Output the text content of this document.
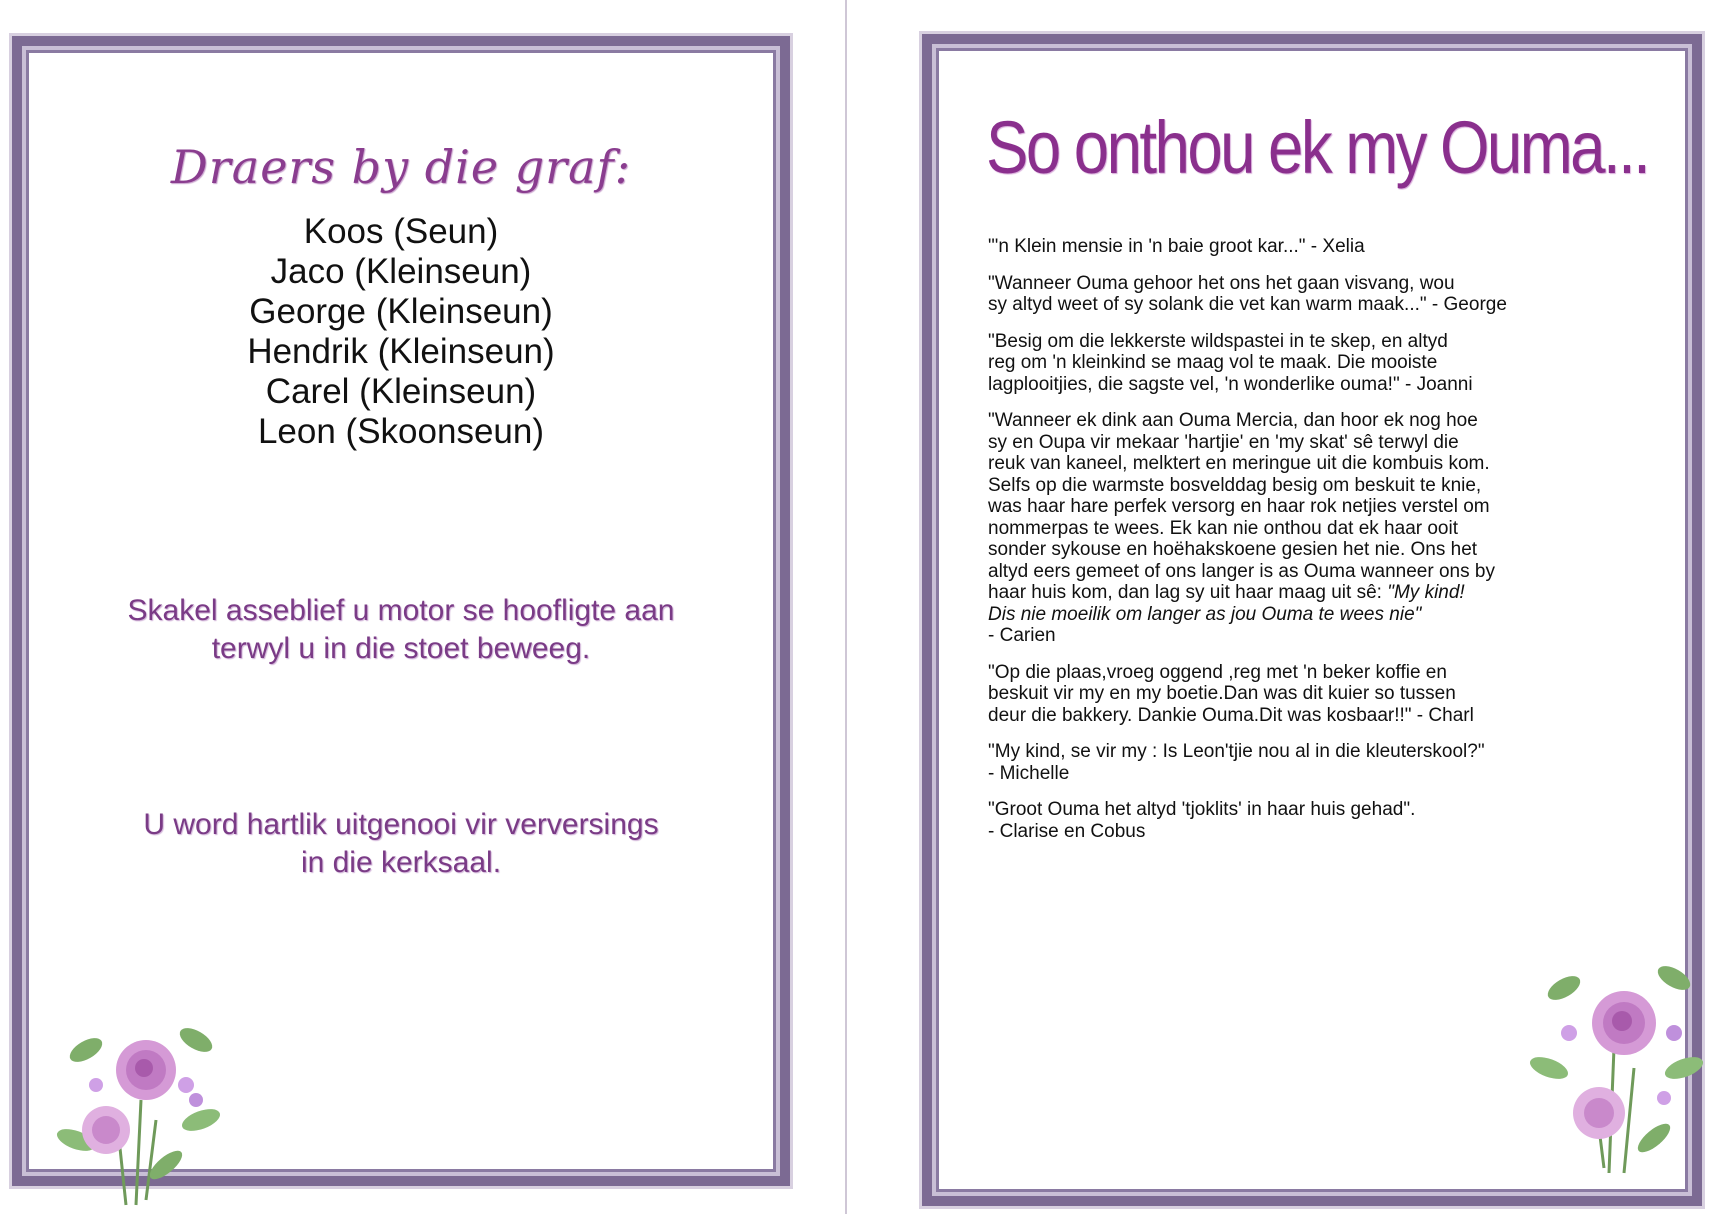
Draers by die graf:
Koos (Seun)
Jaco (Kleinseun)
George (Kleinseun)
Hendrik (Kleinseun)
Carel (Kleinseun)
Leon (Skoonseun)
Skakel asseblief u motor se hoofligte aan
terwyl u in die stoet beweeg.
U word hartlik uitgenooi vir verversings
in die kerksaal.
So onthou ek my Ouma...
"'n Klein mensie in 'n baie groot kar..." - Xelia
"Wanneer Ouma gehoor het ons het gaan visvang, wou
sy altyd weet of sy solank die vet kan warm maak..." - George
"Besig om die lekkerste wildspastei in te skep, en altyd
reg om 'n kleinkind se maag vol te maak. Die mooiste
lagplooitjies, die sagste vel, 'n wonderlike ouma!" - Joanni
"Wanneer ek dink aan Ouma Mercia, dan hoor ek nog hoe
sy en Oupa vir mekaar 'hartjie' en 'my skat' sê terwyl die
reuk van kaneel, melktert en meringue uit die kombuis kom.
Selfs op die warmste bosvelddag besig om beskuit te knie,
was haar hare perfek versorg en haar rok netjies verstel om
nommerpas te wees. Ek kan nie onthou dat ek haar ooit
sonder sykouse en hoëhakskoene gesien het nie. Ons het
altyd eers gemeet of ons langer is as Ouma wanneer ons by
haar huis kom, dan lag sy uit haar maag uit sê: "My kind!
Dis nie moeilik om langer as jou Ouma te wees nie"
- Carien
"Op die plaas,vroeg oggend ,reg met 'n beker koffie en
beskuit vir my en my boetie.Dan was dit kuier so tussen
deur die bakkery. Dankie Ouma.Dit was kosbaar!!" - Charl
"My kind, se vir my : Is Leon'tjie nou al in die kleuterskool?"
- Michelle
"Groot Ouma het altyd 'tjoklits' in haar huis gehad".
- Clarise en Cobus
